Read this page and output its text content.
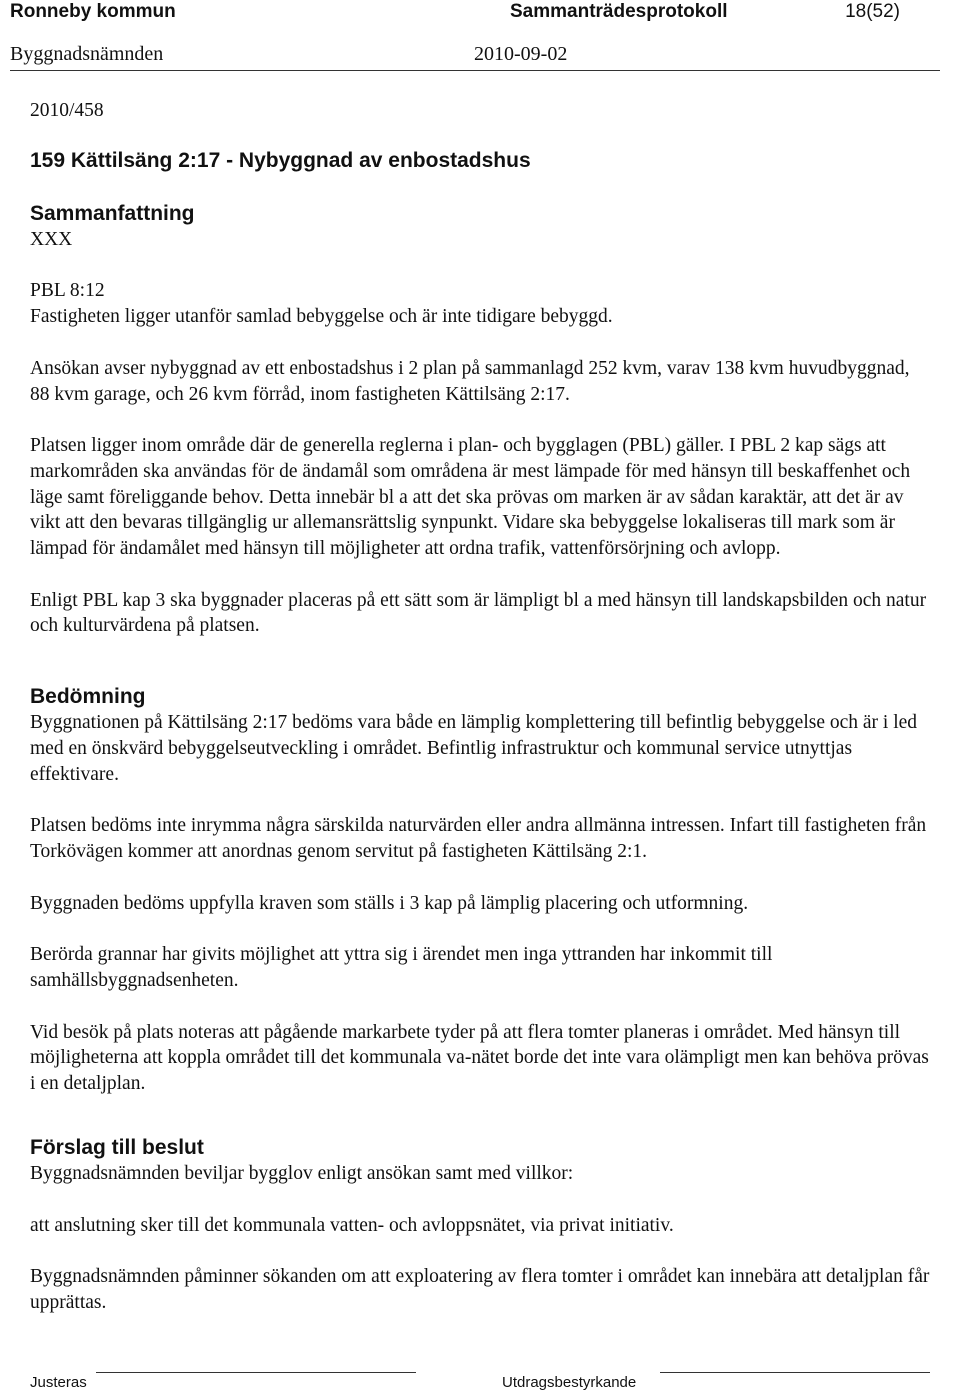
Ronneby kommun	Sammanträdesprotokoll	18(52)
Byggnadsnämnden	2010-09-02

2010/458

159 Kättilsäng 2:17 - Nybyggnad av enbostadshus

Sammanfattning

XXX

PBL 8:12

Fastigheten ligger utanför samlad bebyggelse och är inte tidigare bebyggd.

Ansökan avser nybyggnad av ett enbostadshus i 2 plan på sammanlagd 252 kvm, varav 138 kvm huvudbyggnad, 88 kvm garage, och 26 kvm förråd, inom fastigheten Kättilsäng 2:17.

Platsen ligger inom område där de generella reglerna i plan- och bygglagen (PBL) gäller. I PBL 2 kap sägs att markområden ska användas för de ändamål som områdena är mest lämpade för med hänsyn till beskaffenhet och läge samt föreliggande behov. Detta innebär bl a att det ska prövas om marken är av sådan karaktär, att det är av vikt att den bevaras tillgänglig ur allemansrättslig synpunkt. Vidare ska bebyggelse lokaliseras till mark som är lämpad för ändamålet med hänsyn till möjligheter att ordna trafik, vattenförsörjning och avlopp.

Enligt PBL kap 3 ska byggnader placeras på ett sätt som är lämpligt bl a med hänsyn till landskapsbilden och natur och kulturvärdena på platsen.

Bedömning

Byggnationen på Kättilsäng 2:17 bedöms vara både en lämplig komplettering till befintlig bebyggelse och är i led med en önskvärd bebyggelseutveckling i området. Befintlig infrastruktur och kommunal service utnyttjas effektivare.

Platsen bedöms inte inrymma några särskilda naturvärden eller andra allmänna intressen. Infart till fastigheten från Torkövägen kommer att anordnas genom servitut på fastigheten Kättilsäng 2:1.

Byggnaden bedöms uppfylla kraven som ställs i 3 kap på lämplig placering och utformning.

Berörda grannar har givits möjlighet att yttra sig i ärendet men inga yttranden har inkommit till samhällsbyggnadsenheten.

Vid besök på plats noteras att pågående markarbete tyder på att flera tomter planeras i området. Med hänsyn till möjligheterna att koppla området till det kommunala va-nätet borde det inte vara olämpligt men kan behöva prövas i en detaljplan.

Förslag till beslut

Byggnadsnämnden beviljar bygglov enligt ansökan samt med villkor:

att anslutning sker till det kommunala vatten- och avloppsnätet, via privat initiativ.

Byggnadsnämnden påminner sökanden om att exploatering av flera tomter i området kan innebära att detaljplan får upprättas.

Justeras	Utdragsbestyrkande
